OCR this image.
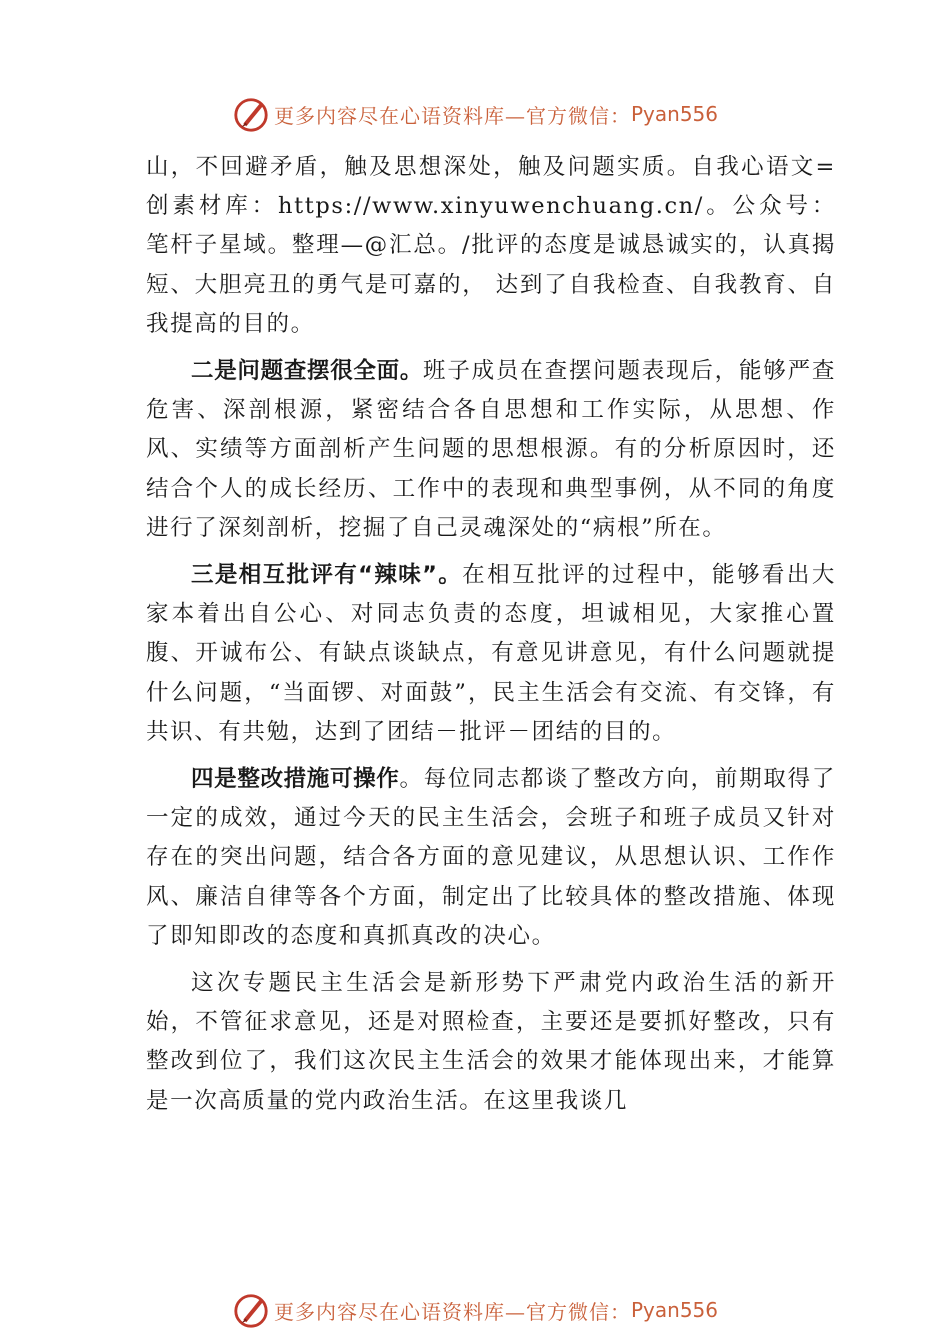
更多内容尽在心语资料库—官方微信： Pyan556

山，不回避矛盾，触及思想深处，触及问题实质。自我心语文=创素材库：https://www.xinyuwenchuang.cn/。公众号：笔杆子星域。整理—@汇总。/批评的态度是诚恳诚实的，认真揭短、大胆亮丑的勇气是可嘉的， 达到了自我检查、自我教育、自我提高的目的。

二是问题查摆很全面。班子成员在查摆问题表现后，能够严查危害、深剖根源，紧密结合各自思想和工作实际，从思想、作风、实绩等方面剖析产生问题的思想根源。有的分析原因时，还结合个人的成长经历、工作中的表现和典型事例，从不同的角度进行了深刻剖析，挖掘了自己灵魂深处的“病根”所在。

三是相互批评有“辣味”。在相互批评的过程中，能够看出大家本着出自公心、对同志负责的态度，坦诚相见，大家推心置腹、开诚布公、有缺点谈缺点，有意见讲意见，有什么问题就提什么问题，“当面锣、对面鼓”，民主生活会有交流、有交锋，有共识、有共勉，达到了团结－批评－团结的目的。

四是整改措施可操作。每位同志都谈了整改方向，前期取得了一定的成效，通过今天的民主生活会，会班子和班子成员又针对存在的突出问题，结合各方面的意见建议，从思想认识、工作作风、廉洁自律等各个方面，制定出了比较具体的整改措施、体现了即知即改的态度和真抓真改的决心。

这次专题民主生活会是新形势下严肃党内政治生活的新开始，不管征求意见，还是对照检查，主要还是要抓好整改，只有整改到位了，我们这次民主生活会的效果才能体现出来，才能算是一次高质量的党内政治生活。在这里我谈几

更多内容尽在心语资料库—官方微信： Pyan556
